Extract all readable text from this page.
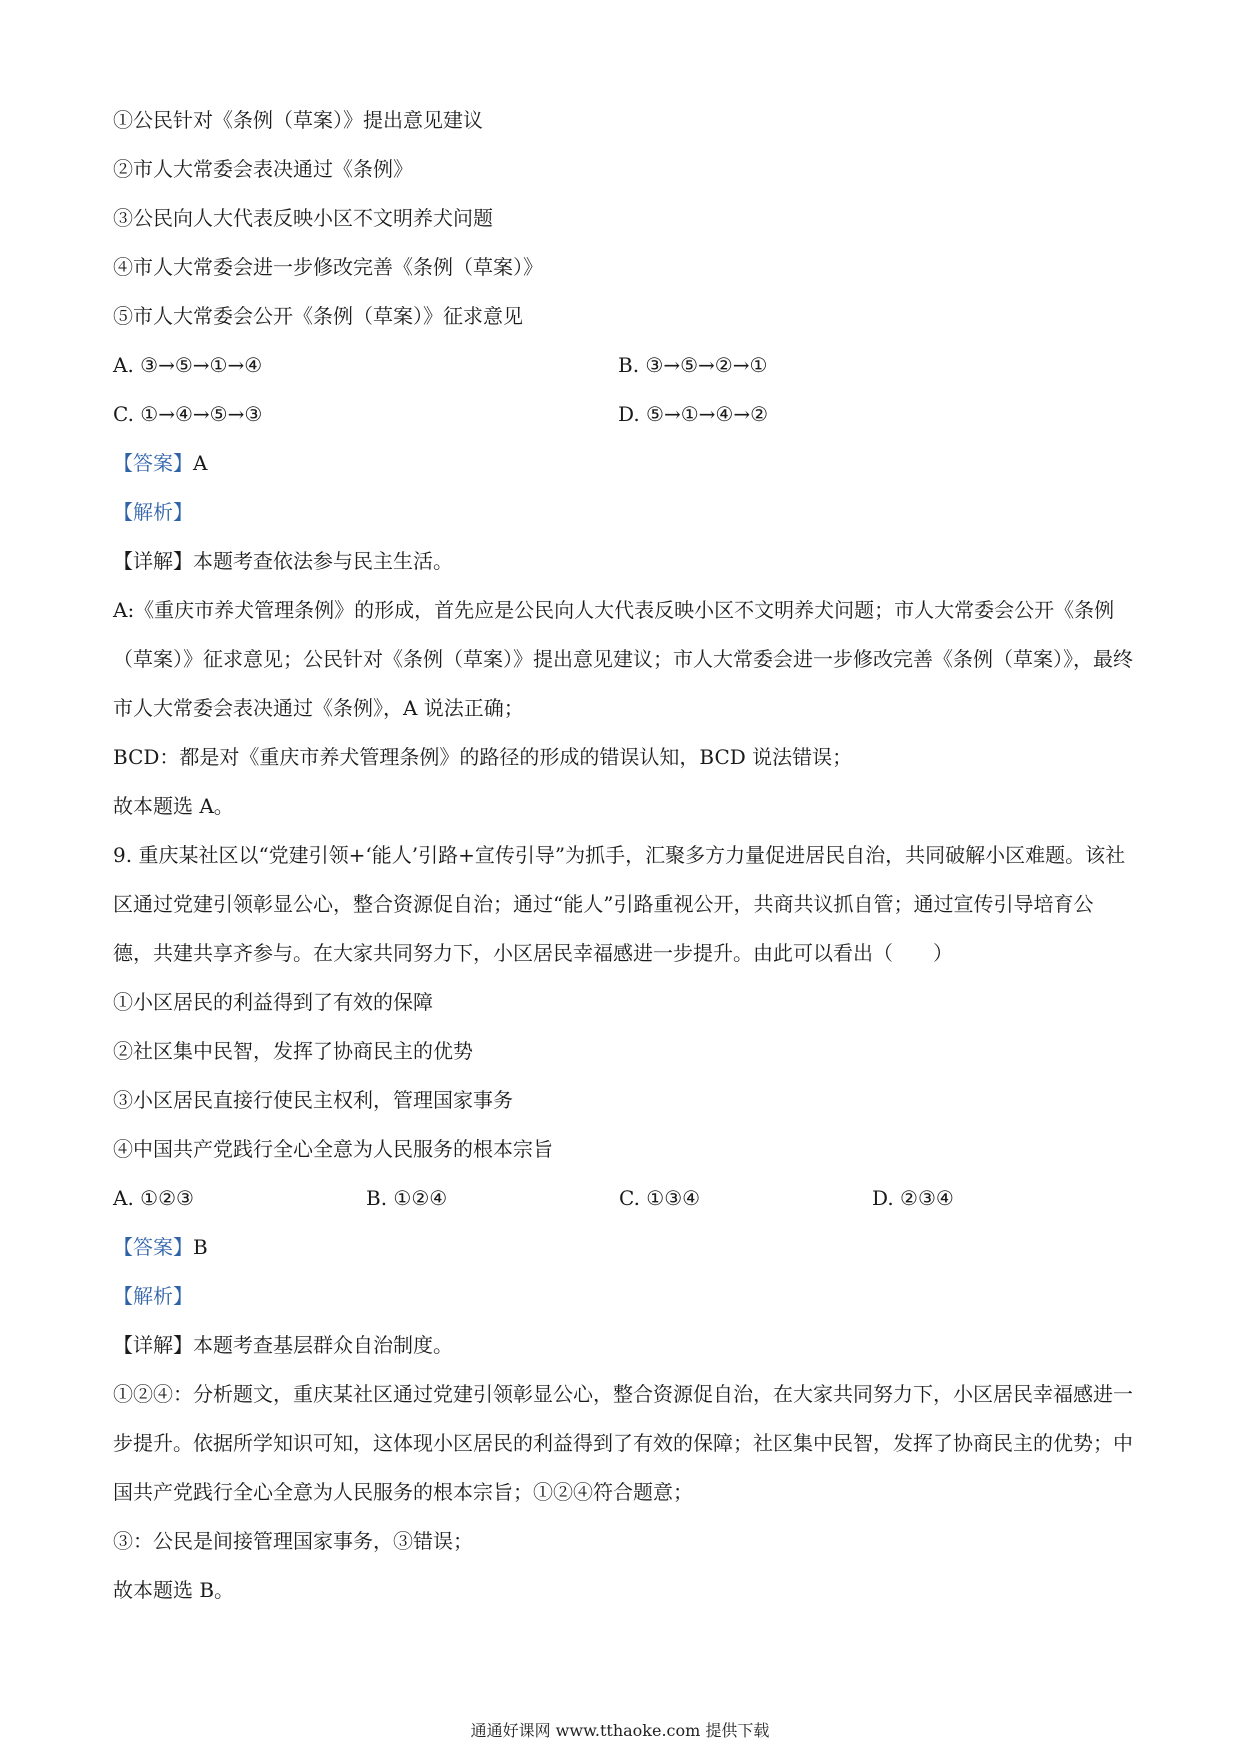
①公民针对《条例（草案）》提出意见建议
②市人大常委会表决通过《条例》
③公民向人大代表反映小区不文明养犬问题
④市人大常委会进一步修改完善《条例（草案）》
⑤市人大常委会公开《条例（草案）》征求意见
A. ③→⑤→①→④	B. ③→⑤→②→①
C. ①→④→⑤→③	D. ⑤→①→④→②
【答案】A
【解析】
【详解】本题考查依法参与民主生活。
A:《重庆市养犬管理条例》的形成，首先应是公民向人大代表反映小区不文明养犬问题；市人大常委会公开《条例（草案）》征求意见；公民针对《条例（草案）》提出意见建议；市人大常委会进一步修改完善《条例（草案）》，最终市人大常委会表决通过《条例》，A 说法正确；
BCD：都是对《重庆市养犬管理条例》的路径的形成的错误认知，BCD 说法错误；
故本题选 A。
9. 重庆某社区以“党建引领+‘能人’引路+宣传引导”为抓手，汇聚多方力量促进居民自治，共同破解小区难题。该社区通过党建引领彰显公心，整合资源促自治；通过“能人”引路重视公开，共商共议抓自管；通过宣传引导培育公德，共建共享齐参与。在大家共同努力下，小区居民幸福感进一步提升。由此可以看出（　　）
①小区居民的利益得到了有效的保障
②社区集中民智，发挥了协商民主的优势
③小区居民直接行使民主权利，管理国家事务
④中国共产党践行全心全意为人民服务的根本宗旨
A. ①②③	B. ①②④	C. ①③④	D. ②③④
【答案】B
【解析】
【详解】本题考查基层群众自治制度。
①②④：分析题文，重庆某社区通过党建引领彰显公心，整合资源促自治，在大家共同努力下，小区居民幸福感进一步提升。依据所学知识可知，这体现小区居民的利益得到了有效的保障；社区集中民智，发挥了协商民主的优势；中国共产党践行全心全意为人民服务的根本宗旨；①②④符合题意；
③：公民是间接管理国家事务，③错误；
故本题选 B。
通通好课网 www.tthaoke.com 提供下载
